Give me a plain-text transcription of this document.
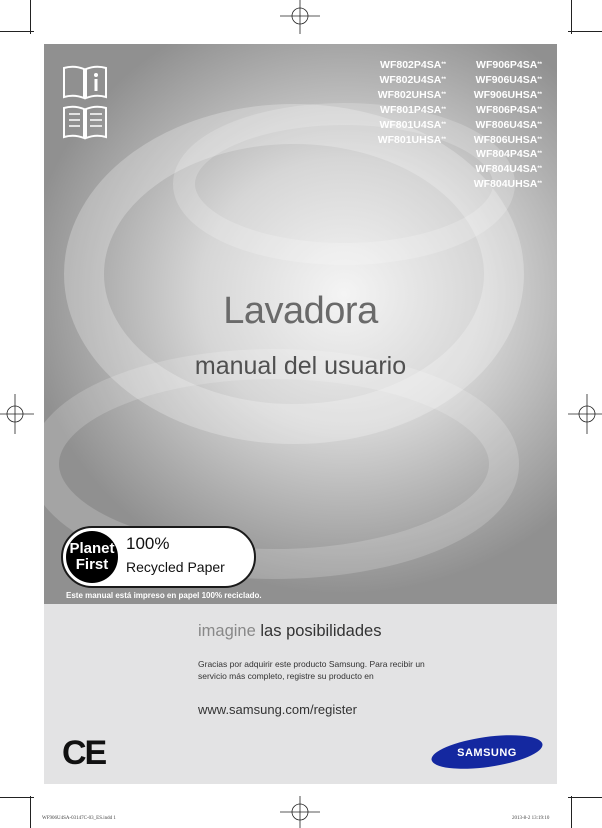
WF802P4SA**
WF802U4SA**
WF802UHSA**
WF801P4SA**
WF801U4SA**
WF801UHSA**
WF906P4SA**
WF906U4SA**
WF906UHSA**
WF806P4SA**
WF806U4SA**
WF806UHSA**
WF804P4SA**
WF804U4SA**
WF804UHSA**
Lavadora
manual del usuario
Planet
First
100%
Recycled Paper
Este manual está impreso en papel 100% reciclado.
imagine las posibilidades
Gracias por adquirir este producto Samsung. Para recibir un servicio más completo, registre su producto en
www.samsung.com/register
CE	SAMSUNG
WF906U4SA-03147C-03_ES.indd 1	2013-8-2 13:19:10
